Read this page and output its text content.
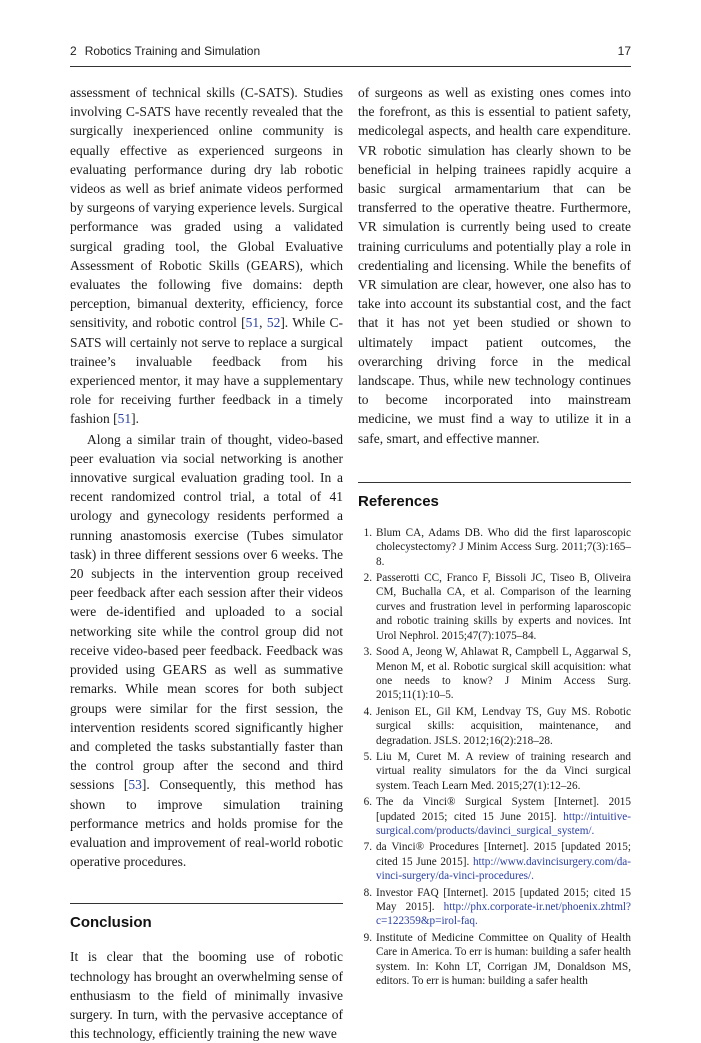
2 Robotics Training and Simulation	17

assessment of technical skills (C-SATS). Studies involving C-SATS have recently revealed that the surgically inexperienced online community is equally effective as experienced surgeons in evaluating performance during dry lab robotic videos as well as brief animate videos performed by surgeons of varying experience levels. Surgical performance was graded using a validated surgical grading tool, the Global Evaluative Assessment of Robotic Skills (GEARS), which evaluates the following five domains: depth perception, bimanual dexterity, efficiency, force sensitivity, and robotic control [51, 52]. While C-SATS will certainly not serve to replace a surgical trainee’s invaluable feedback from his experienced mentor, it may have a supplementary role for receiving further feedback in a timely fashion [51].

Along a similar train of thought, video-based peer evaluation via social networking is another innovative surgical evaluation grading tool. In a recent randomized control trial, a total of 41 urology and gynecology residents performed a running anastomosis exercise (Tubes simulator task) in three different sessions over 6 weeks. The 20 subjects in the intervention group received peer feedback after each session after their videos were de-identified and uploaded to a social networking site while the control group did not receive video-based peer feedback. Feedback was provided using GEARS as well as summative remarks. While mean scores for both subject groups were similar for the first session, the intervention residents scored significantly higher and completed the tasks substantially faster than the control group after the second and third sessions [53]. Consequently, this method has shown to improve simulation training performance metrics and holds promise for the evaluation and improvement of real-world robotic operative procedures.

Conclusion

It is clear that the booming use of robotic technology has brought an overwhelming sense of enthusiasm to the field of minimally invasive surgery. In turn, with the pervasive acceptance of this technology, efficiently training the new wave

of surgeons as well as existing ones comes into the forefront, as this is essential to patient safety, medicolegal aspects, and health care expenditure. VR robotic simulation has clearly shown to be beneficial in helping trainees rapidly acquire a basic surgical armamentarium that can be transferred to the operative theatre. Furthermore, VR simulation is currently being used to create training curriculums and potentially play a role in credentialing and licensing. While the benefits of VR simulation are clear, however, one also has to take into account its substantial cost, and the fact that it has not yet been studied or shown to ultimately impact patient outcomes, the overarching driving force in the medical landscape. Thus, while new technology continues to become incorporated into mainstream medicine, we must find a way to utilize it in a safe, smart, and effective manner.

References
1. Blum CA, Adams DB. Who did the first laparoscopic cholecystectomy? J Minim Access Surg. 2011;7(3):165–8.
2. Passerotti CC, Franco F, Bissoli JC, Tiseo B, Oliveira CM, Buchalla CA, et al. Comparison of the learning curves and frustration level in performing laparoscopic and robotic training skills by experts and novices. Int Urol Nephrol. 2015;47(7):1075–84.
3. Sood A, Jeong W, Ahlawat R, Campbell L, Aggarwal S, Menon M, et al. Robotic surgical skill acquisition: what one needs to know? J Minim Access Surg. 2015;11(1):10–5.
4. Jenison EL, Gil KM, Lendvay TS, Guy MS. Robotic surgical skills: acquisition, maintenance, and degradation. JSLS. 2012;16(2):218–28.
5. Liu M, Curet M. A review of training research and virtual reality simulators for the da Vinci surgical system. Teach Learn Med. 2015;27(1):12–26.
6. The da Vinci® Surgical System [Internet]. 2015 [updated 2015; cited 15 June 2015]. http://intuitive-surgical.com/products/davinci_surgical_system/.
7. da Vinci® Procedures [Internet]. 2015 [updated 2015; cited 15 June 2015]. http://www.davincisurgery.com/da-vinci-surgery/da-vinci-procedures/.
8. Investor FAQ [Internet]. 2015 [updated 2015; cited 15 May 2015]. http://phx.corporate-ir.net/phoenix.zhtml?c=122359&p=irol-faq.
9. Institute of Medicine Committee on Quality of Health Care in America. To err is human: building a safer health system. In: Kohn LT, Corrigan JM, Donaldson MS, editors. To err is human: building a safer health
